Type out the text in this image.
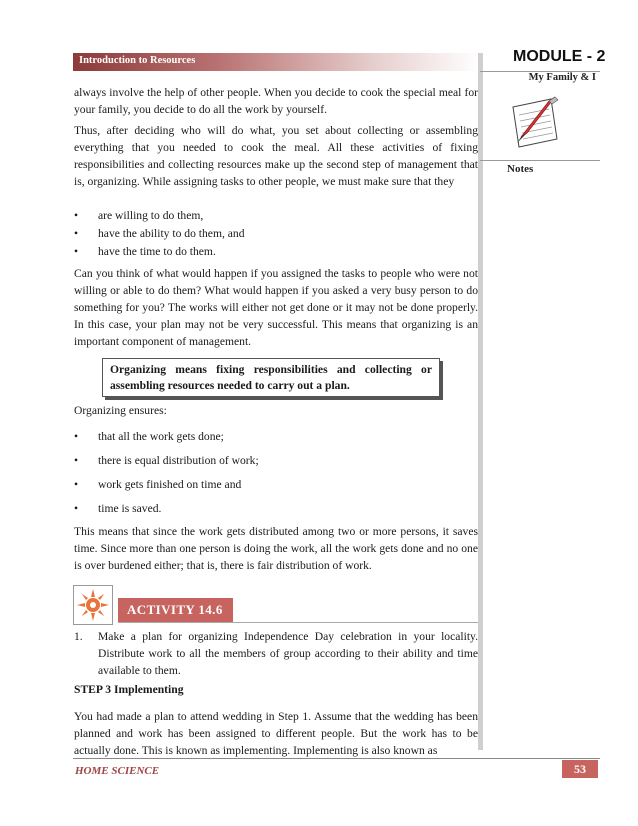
Introduction to Resources	MODULE - 2
My Family & I
Notes

always involve the help of other people. When you decide to cook the special meal for your family, you decide to do all the work by yourself.

Thus, after deciding who will do what, you set about collecting or assembling everything that you needed to cook the meal. All these activities of fixing responsibilities and collecting resources make up the second step of management that is, organizing. While assigning tasks to other people, we must make sure that they

• are willing to do them,
• have the ability to do them, and
• have the time to do them.

Can you think of what would happen if you assigned the tasks to people who were not willing or able to do them? What would happen if you asked a very busy person to do something for you? The works will either not get done or it may not be done properly. In this case, your plan may not be very successful. This means that organizing is an important component of management.

Organizing means fixing responsibilities and collecting or assembling resources needed to carry out a plan.

Organizing ensures:

• that all the work gets done;
• there is equal distribution of work;
• work gets finished on time and
• time is saved.

This means that since the work gets distributed among two or more persons, it saves time. Since more than one person is doing the work, all the work gets done and no one is over burdened either; that is, there is fair distribution of work.

ACTIVITY 14.6
1. Make a plan for organizing Independence Day celebration in your locality. Distribute work to all the members of group according to their ability and time available to them.
STEP 3 Implementing

You had made a plan to attend wedding in Step 1. Assume that the wedding has been planned and work has been assigned to different people. But the work has to be actually done. This is known as implementing. Implementing is also known as

HOME SCIENCE	53
